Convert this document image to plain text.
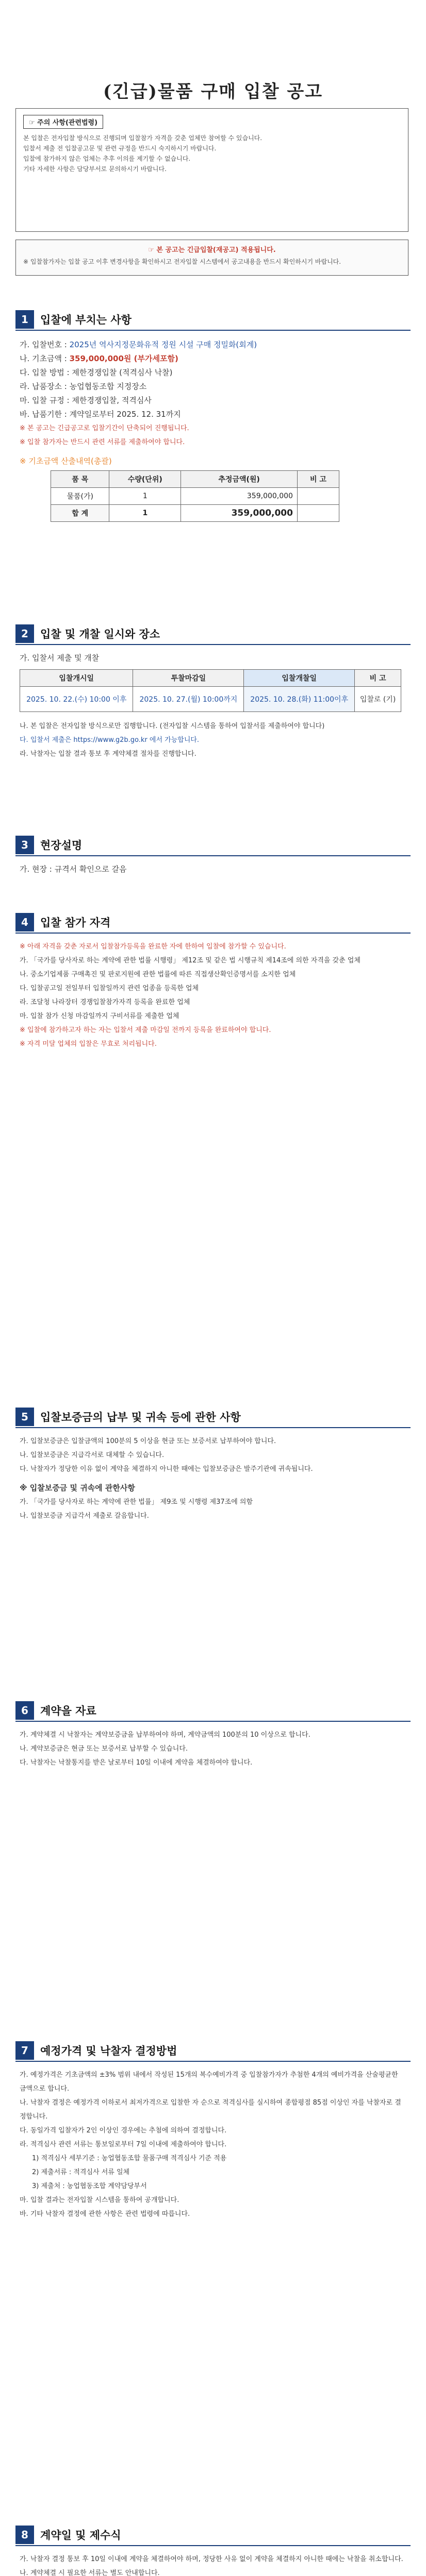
(긴급)물품 구매 입찰 공고
☞ 주의 사항(관련법령)
본 입찰은 전자입찰 방식으로 진행되며 입찰참가 자격을 갖춘 업체만 참여할 수 있습니다.
입찰서 제출 전 입찰공고문 및 관련 규정을 반드시 숙지하시기 바랍니다.
입찰에 참가하지 않은 업체는 추후 이의를 제기할 수 없습니다.
기타 자세한 사항은 담당부서로 문의하시기 바랍니다.
☞ 본 공고는 긴급입찰(재공고) 적용됩니다.
※ 입찰참가자는 입찰 공고 이후 변경사항을 확인하시고 전자입찰 시스템에서 공고내용을 반드시 확인하시기 바랍니다.
1	입찰에 부치는 사항

가. 입찰번호 : 2025년 역사지정문화유적 정원 시설 구매 정밀화(회계)

나. 기초금액 : 359,000,000원 (부가세포함)

다. 입찰 방법 : 제한경쟁입찰 (적격심사 낙찰)

라. 납품장소 : 농업협동조합 지정장소

마. 입찰 규정 : 제한경쟁입찰, 적격심사

바. 납품기한 : 계약일로부터 2025. 12. 31까지

※ 본 공고는 긴급공고로 입찰기간이 단축되어 진행됩니다.

※ 입찰 참가자는 반드시 관련 서류를 제출하여야 합니다.

※ 기초금액 산출내역(총괄)

품 목	수량(단위)	추정금액(원)	비 고
물품(가)	1	359,000,000	
합 계	1	359,000,000	
2	입찰 및 개찰 일시와 장소

가. 입찰서 제출 및 개찰

입찰개시일	투찰마감일	입찰개찰일	비 고
2025. 10. 22.(수) 10:00 이후	2025. 10. 27.(월) 10:00까지	2025. 10. 28.(화) 11:00이후	입찰로 (기)

나. 본 입찰은 전자입찰 방식으로만 집행합니다. (전자입찰 시스템을 통하여 입찰서를 제출하여야 합니다)

다. 입찰서 제출은 https://www.g2b.go.kr 에서 가능합니다.

라. 낙찰자는 입찰 결과 통보 후 계약체결 절차를 진행합니다.

3	현장설명

가. 현장 : 규격서 확인으로 갈음

4	입찰 참가 자격

※ 아래 자격을 갖춘 자로서 입찰참가등록을 완료한 자에 한하여 입찰에 참가할 수 있습니다.

가. 「국가를 당사자로 하는 계약에 관한 법률 시행령」 제12조 및 같은 법 시행규칙 제14조에 의한 자격을 갖춘 업체

나. 중소기업제품 구매촉진 및 판로지원에 관한 법률에 따른 직접생산확인증명서를 소지한 업체

다. 입찰공고일 전일부터 입찰일까지 관련 업종을 등록한 업체

라. 조달청 나라장터 경쟁입찰참가자격 등록을 완료한 업체

마. 입찰 참가 신청 마감일까지 구비서류를 제출한 업체

※ 입찰에 참가하고자 하는 자는 입찰서 제출 마감일 전까지 등록을 완료하여야 합니다.

※ 자격 미달 업체의 입찰은 무효로 처리됩니다.

5	입찰보증금의 납부 및 귀속 등에 관한 사항

가. 입찰보증금은 입찰금액의 100분의 5 이상을 현금 또는 보증서로 납부하여야 합니다.

나. 입찰보증금은 지급각서로 대체할 수 있습니다.

다. 낙찰자가 정당한 이유 없이 계약을 체결하지 아니한 때에는 입찰보증금은 발주기관에 귀속됩니다.

※ 입찰보증금 및 귀속에 관한사항

가. 「국가를 당사자로 하는 계약에 관한 법률」 제9조 및 시행령 제37조에 의함

나. 입찰보증금 지급각서 제출로 갈음합니다.

6	계약을 자료

가. 계약체결 시 낙찰자는 계약보증금을 납부하여야 하며, 계약금액의 100분의 10 이상으로 합니다.

나. 계약보증금은 현금 또는 보증서로 납부할 수 있습니다.

다. 낙찰자는 낙찰통지를 받은 날로부터 10일 이내에 계약을 체결하여야 합니다.

7	예정가격 및 낙찰자 결정방법

가. 예정가격은 기초금액의 ±3% 범위 내에서 작성된 15개의 복수예비가격 중 입찰참가자가 추첨한 4개의 예비가격을 산술평균한 금액으로 합니다.

나. 낙찰자 결정은 예정가격 이하로서 최저가격으로 입찰한 자 순으로 적격심사를 실시하여 종합평점 85점 이상인 자를 낙찰자로 결정합니다.

다. 동일가격 입찰자가 2인 이상인 경우에는 추첨에 의하여 결정합니다.

라. 적격심사 관련 서류는 통보일로부터 7일 이내에 제출하여야 합니다.

1) 적격심사 세부기준 : 농업협동조합 물품구매 적격심사 기준 적용

2) 제출서류 : 적격심사 서류 일체

3) 제출처 : 농업협동조합 계약담당부서

마. 입찰 결과는 전자입찰 시스템을 통하여 공개합니다.

바. 기타 낙찰자 결정에 관한 사항은 관련 법령에 따릅니다.

8	계약일 및 제수식

가. 낙찰자 결정 통보 후 10일 이내에 계약을 체결하여야 하며, 정당한 사유 없이 계약을 체결하지 아니한 때에는 낙찰을 취소합니다.

나. 계약체결 시 필요한 서류는 별도 안내합니다.
